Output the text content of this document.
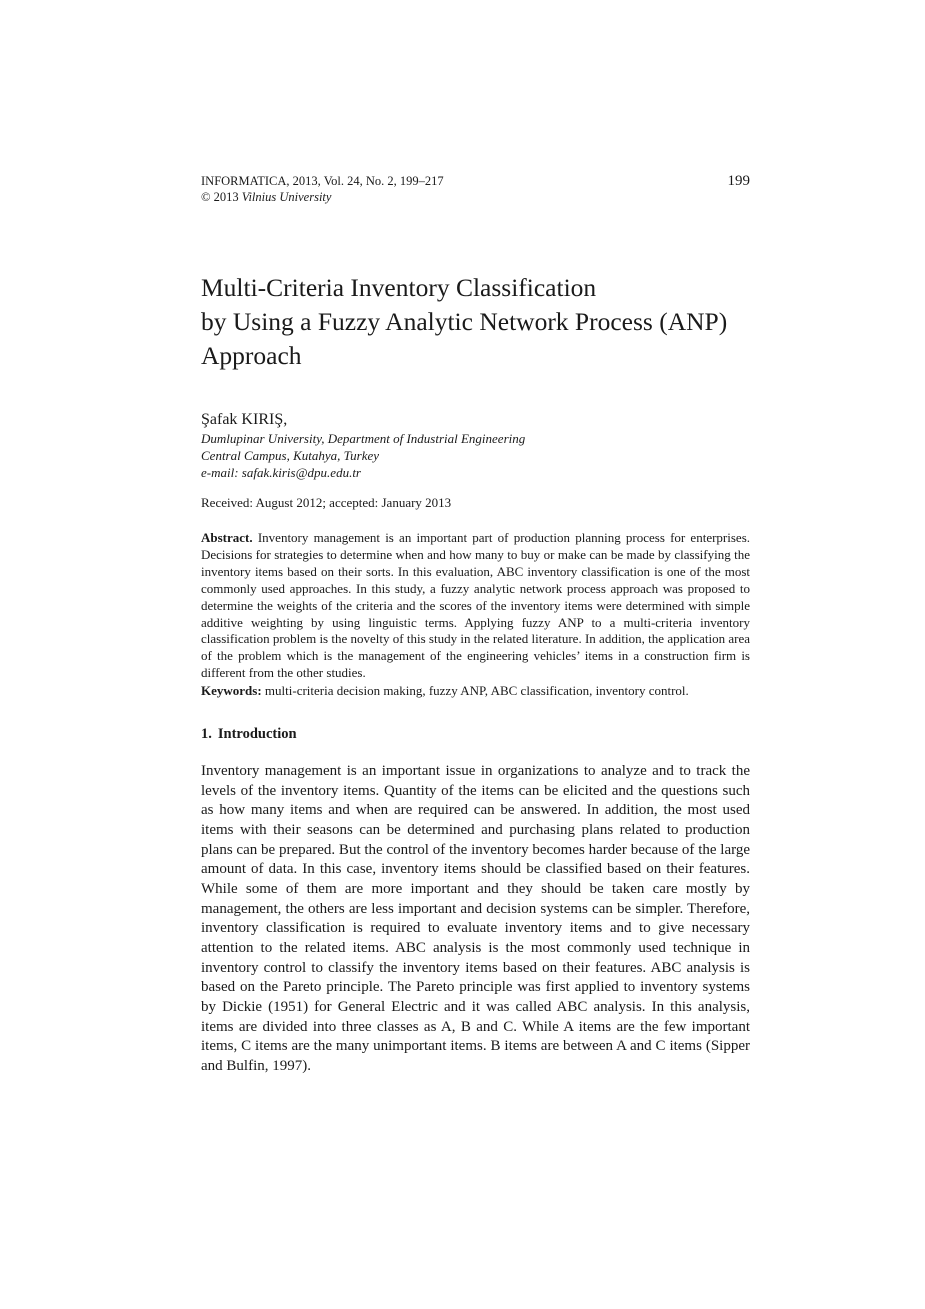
INFORMATICA, 2013, Vol. 24, No. 2, 199–217
© 2013 Vilnius University
199
Multi-Criteria Inventory Classification
by Using a Fuzzy Analytic Network Process (ANP)
Approach
Şafak KIRIŞ,
Dumlupinar University, Department of Industrial Engineering
Central Campus, Kutahya, Turkey
e-mail: safak.kiris@dpu.edu.tr
Received: August 2012; accepted: January 2013
Abstract. Inventory management is an important part of production planning process for enterprises. Decisions for strategies to determine when and how many to buy or make can be made by classifying the inventory items based on their sorts. In this evaluation, ABC inventory classification is one of the most commonly used approaches. In this study, a fuzzy analytic network process approach was proposed to determine the weights of the criteria and the scores of the inventory items were determined with simple additive weighting by using linguistic terms. Applying fuzzy ANP to a multi-criteria inventory classification problem is the novelty of this study in the related literature. In addition, the application area of the problem which is the management of the engineering vehicles’ items in a construction firm is different from the other studies.
Keywords: multi-criteria decision making, fuzzy ANP, ABC classification, inventory control.
1. Introduction

Inventory management is an important issue in organizations to analyze and to track the levels of the inventory items. Quantity of the items can be elicited and the questions such as how many items and when are required can be answered. In addition, the most used items with their seasons can be determined and purchasing plans related to production plans can be prepared. But the control of the inventory becomes harder because of the large amount of data. In this case, inventory items should be classified based on their features. While some of them are more important and they should be taken care mostly by management, the others are less important and decision systems can be simpler. Therefore, inventory classification is required to evaluate inventory items and to give necessary attention to the related items. ABC analysis is the most commonly used technique in inventory control to classify the inventory items based on their features. ABC analysis is based on the Pareto principle. The Pareto principle was first applied to inventory systems by Dickie (1951) for General Electric and it was called ABC analysis. In this analysis, items are divided into three classes as A, B and C. While A items are the few important items, C items are the many unimportant items. B items are between A and C items (Sipper and Bulfin, 1997).
